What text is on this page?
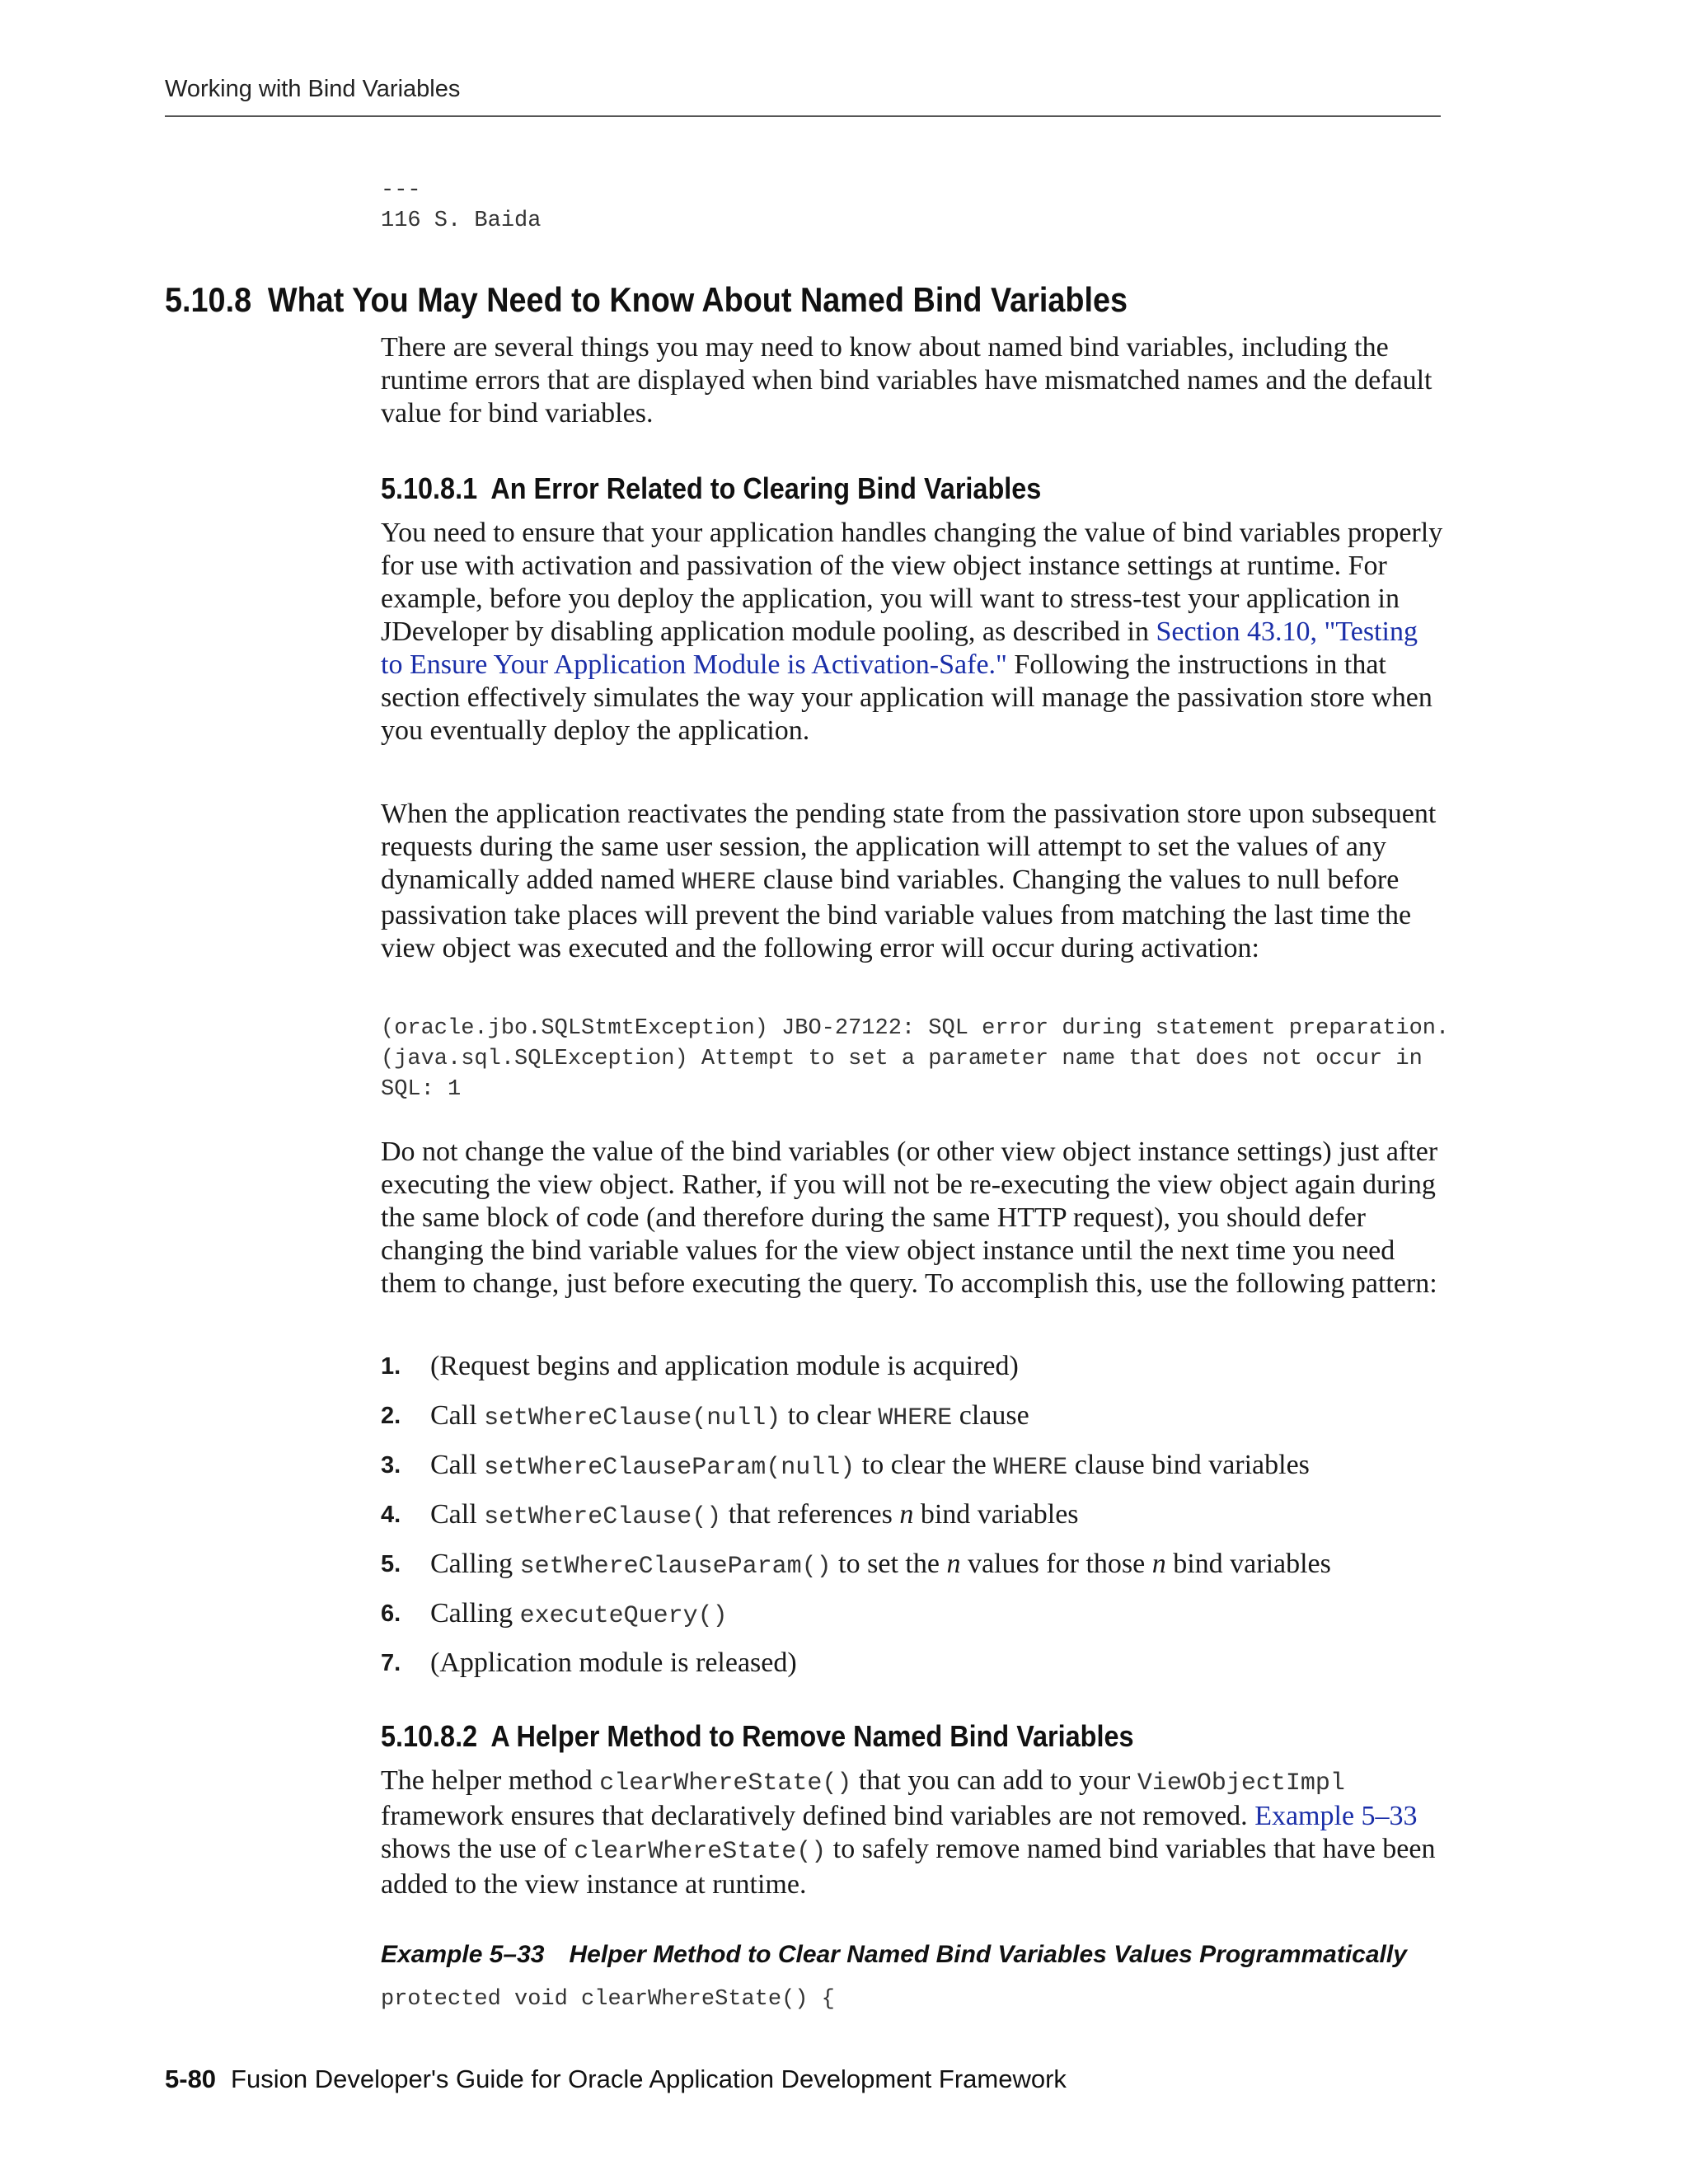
Working with Bind Variables
---
116 S. Baida
5.10.8 What You May Need to Know About Named Bind Variables

There are several things you may need to know about named bind variables, including the runtime errors that are displayed when bind variables have mismatched names and the default value for bind variables.

5.10.8.1 An Error Related to Clearing Bind Variables

You need to ensure that your application handles changing the value of bind variables properly for use with activation and passivation of the view object instance settings at runtime. For example, before you deploy the application, you will want to stress-test your application in JDeveloper by disabling application module pooling, as described in Section 43.10, "Testing to Ensure Your Application Module is Activation-Safe." Following the instructions in that section effectively simulates the way your application will manage the passivation store when you eventually deploy the application.

When the application reactivates the pending state from the passivation store upon subsequent requests during the same user session, the application will attempt to set the values of any dynamically added named WHERE clause bind variables. Changing the values to null before passivation take places will prevent the bind variable values from matching the last time the view object was executed and the following error will occur during activation:

(oracle.jbo.SQLStmtException) JBO-27122: SQL error during statement preparation.
(java.sql.SQLException) Attempt to set a parameter name that does not occur in
SQL: 1

Do not change the value of the bind variables (or other view object instance settings) just after executing the view object. Rather, if you will not be re-executing the view object again during the same block of code (and therefore during the same HTTP request), you should defer changing the bind variable values for the view object instance until the next time you need them to change, just before executing the query. To accomplish this, use the following pattern:

1. (Request begins and application module is acquired)
2. Call setWhereClause(null) to clear WHERE clause
3. Call setWhereClauseParam(null) to clear the WHERE clause bind variables
4. Call setWhereClause() that references n bind variables
5. Calling setWhereClauseParam() to set the n values for those n bind variables
6. Calling executeQuery()
7. (Application module is released)

5.10.8.2 A Helper Method to Remove Named Bind Variables

The helper method clearWhereState() that you can add to your ViewObjectImpl framework ensures that declaratively defined bind variables are not removed. Example 5–33 shows the use of clearWhereState() to safely remove named bind variables that have been added to the view instance at runtime.

Example 5–33 Helper Method to Clear Named Bind Variables Values Programmatically

protected void clearWhereState() {
5-80 Fusion Developer's Guide for Oracle Application Development Framework
